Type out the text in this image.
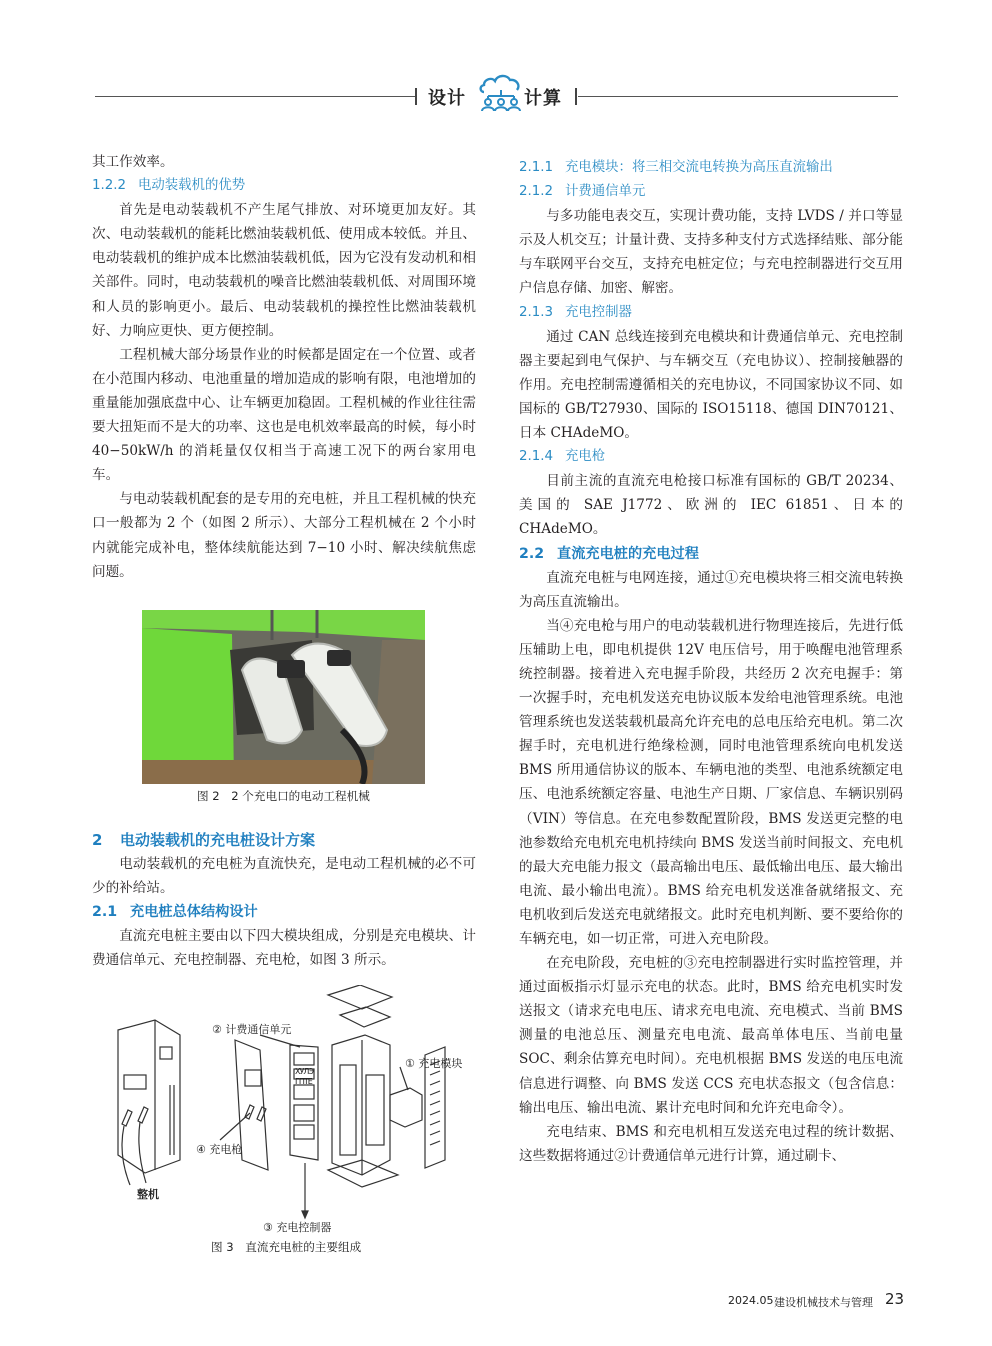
设计	计算

其工作效率。

1.2.2 电动装载机的优势

首先是电动装载机不产生尾气排放、对环境更加友好。其次、电动装载机的能耗比燃油装载机低、使用成本较低。并且、电动装载机的维护成本比燃油装载机低，因为它没有发动机和相关部件。同时，电动装载机的噪音比燃油装载机低、对周围环境和人员的影响更小。最后、电动装载机的操控性比燃油装载机好、力响应更快、更方便控制。

工程机械大部分场景作业的时候都是固定在一个位置、或者在小范围内移动、电池重量的增加造成的影响有限，电池增加的重量能加强底盘中心、让车辆更加稳固。工程机械的作业往往需要大扭矩而不是大的功率、这也是电机效率最高的时候，每小时 40−50kW/h 的消耗量仅仅相当于高速工况下的两台家用电车。

与电动装载机配套的是专用的充电桩，并且工程机械的快充口一般都为 2 个（如图 2 所示）、大部分工程机械在 2 个小时内就能完成补电，整体续航能达到 7−10 小时、解决续航焦虑问题。

图 2　2 个充电口的电动工程机械
2 电动装载机的充电桩设计方案

电动装载机的充电桩为直流快充，是电动工程机械的必不可少的补给站。

2.1 充电桩总体结构设计

直流充电桩主要由以下四大模块组成，分别是充电模块、计费通信单元、充电控制器、充电枪，如图 3 所示。

② 计费通信单元
① 充电模块
④ 充电枪
整机
③ 充电控制器
ХУЛЭ ГПТЕ
图 3　直流充电桩的主要组成
2.1.1 充电模块：将三相交流电转换为高压直流输出
2.1.2 计费通信单元

与多功能电表交互，实现计费功能，支持 LVDS / 并口等显示及人机交互；计量计费、支持多种支付方式选择结账、部分能与车联网平台交互，支持充电桩定位；与充电控制器进行交互用户信息存储、加密、解密。

2.1.3 充电控制器

通过 CAN 总线连接到充电模块和计费通信单元、充电控制器主要起到电气保护、与车辆交互（充电协议）、控制接触器的作用。充电控制需遵循相关的充电协议，不同国家协议不同、如国标的 GB/T27930、国际的 ISO15118、德国 DIN70121、日本 CHAdeMO。

2.1.4 充电枪

目前主流的直流充电枪接口标准有国标的 GB/T 20234、美国的 SAE J1772、欧洲的 IEC 61851、日本的 CHAdeMO。

2.2 直流充电桩的充电过程

直流充电桩与电网连接，通过①充电模块将三相交流电转换为高压直流输出。

当④充电枪与用户的电动装载机进行物理连接后，先进行低压辅助上电，即电机提供 12V 电压信号，用于唤醒电池管理系统控制器。接着进入充电握手阶段，共经历 2 次充电握手：第一次握手时，充电机发送充电协议版本发给电池管理系统。电池管理系统也发送装载机最高允许充电的总电压给充电机。第二次握手时，充电机进行绝缘检测，同时电池管理系统向电机发送 BMS 所用通信协议的版本、车辆电池的类型、电池系统额定电压、电池系统额定容量、电池生产日期、厂家信息、车辆识别码（VIN）等信息。在充电参数配置阶段，BMS 发送更完整的电池参数给充电机充电机持续向 BMS 发送当前时间报文、充电机的最大充电能力报文（最高输出电压、最低输出电压、最大输出电流、最小输出电流）。BMS 给充电机发送准备就绪报文、充电机收到后发送充电就绪报文。此时充电机判断、要不要给你的车辆充电，如一切正常，可进入充电阶段。

在充电阶段，充电桩的③充电控制器进行实时监控管理，并通过面板指示灯显示充电的状态。此时，BMS 给充电机实时发送报文（请求充电电压、请求充电电流、充电模式、当前 BMS 测量的电池总压、测量充电电流、最高单体电压、当前电量 SOC、剩余估算充电时间）。充电机根据 BMS 发送的电压电流信息进行调整、向 BMS 发送 CCS 充电状态报文（包含信息：输出电压、输出电流、累计充电时间和允许充电命令）。

充电结束、BMS 和充电机相互发送充电过程的统计数据、这些数据将通过②计费通信单元进行计算，通过刷卡、

2024.05 建设机械技术与管理 23
